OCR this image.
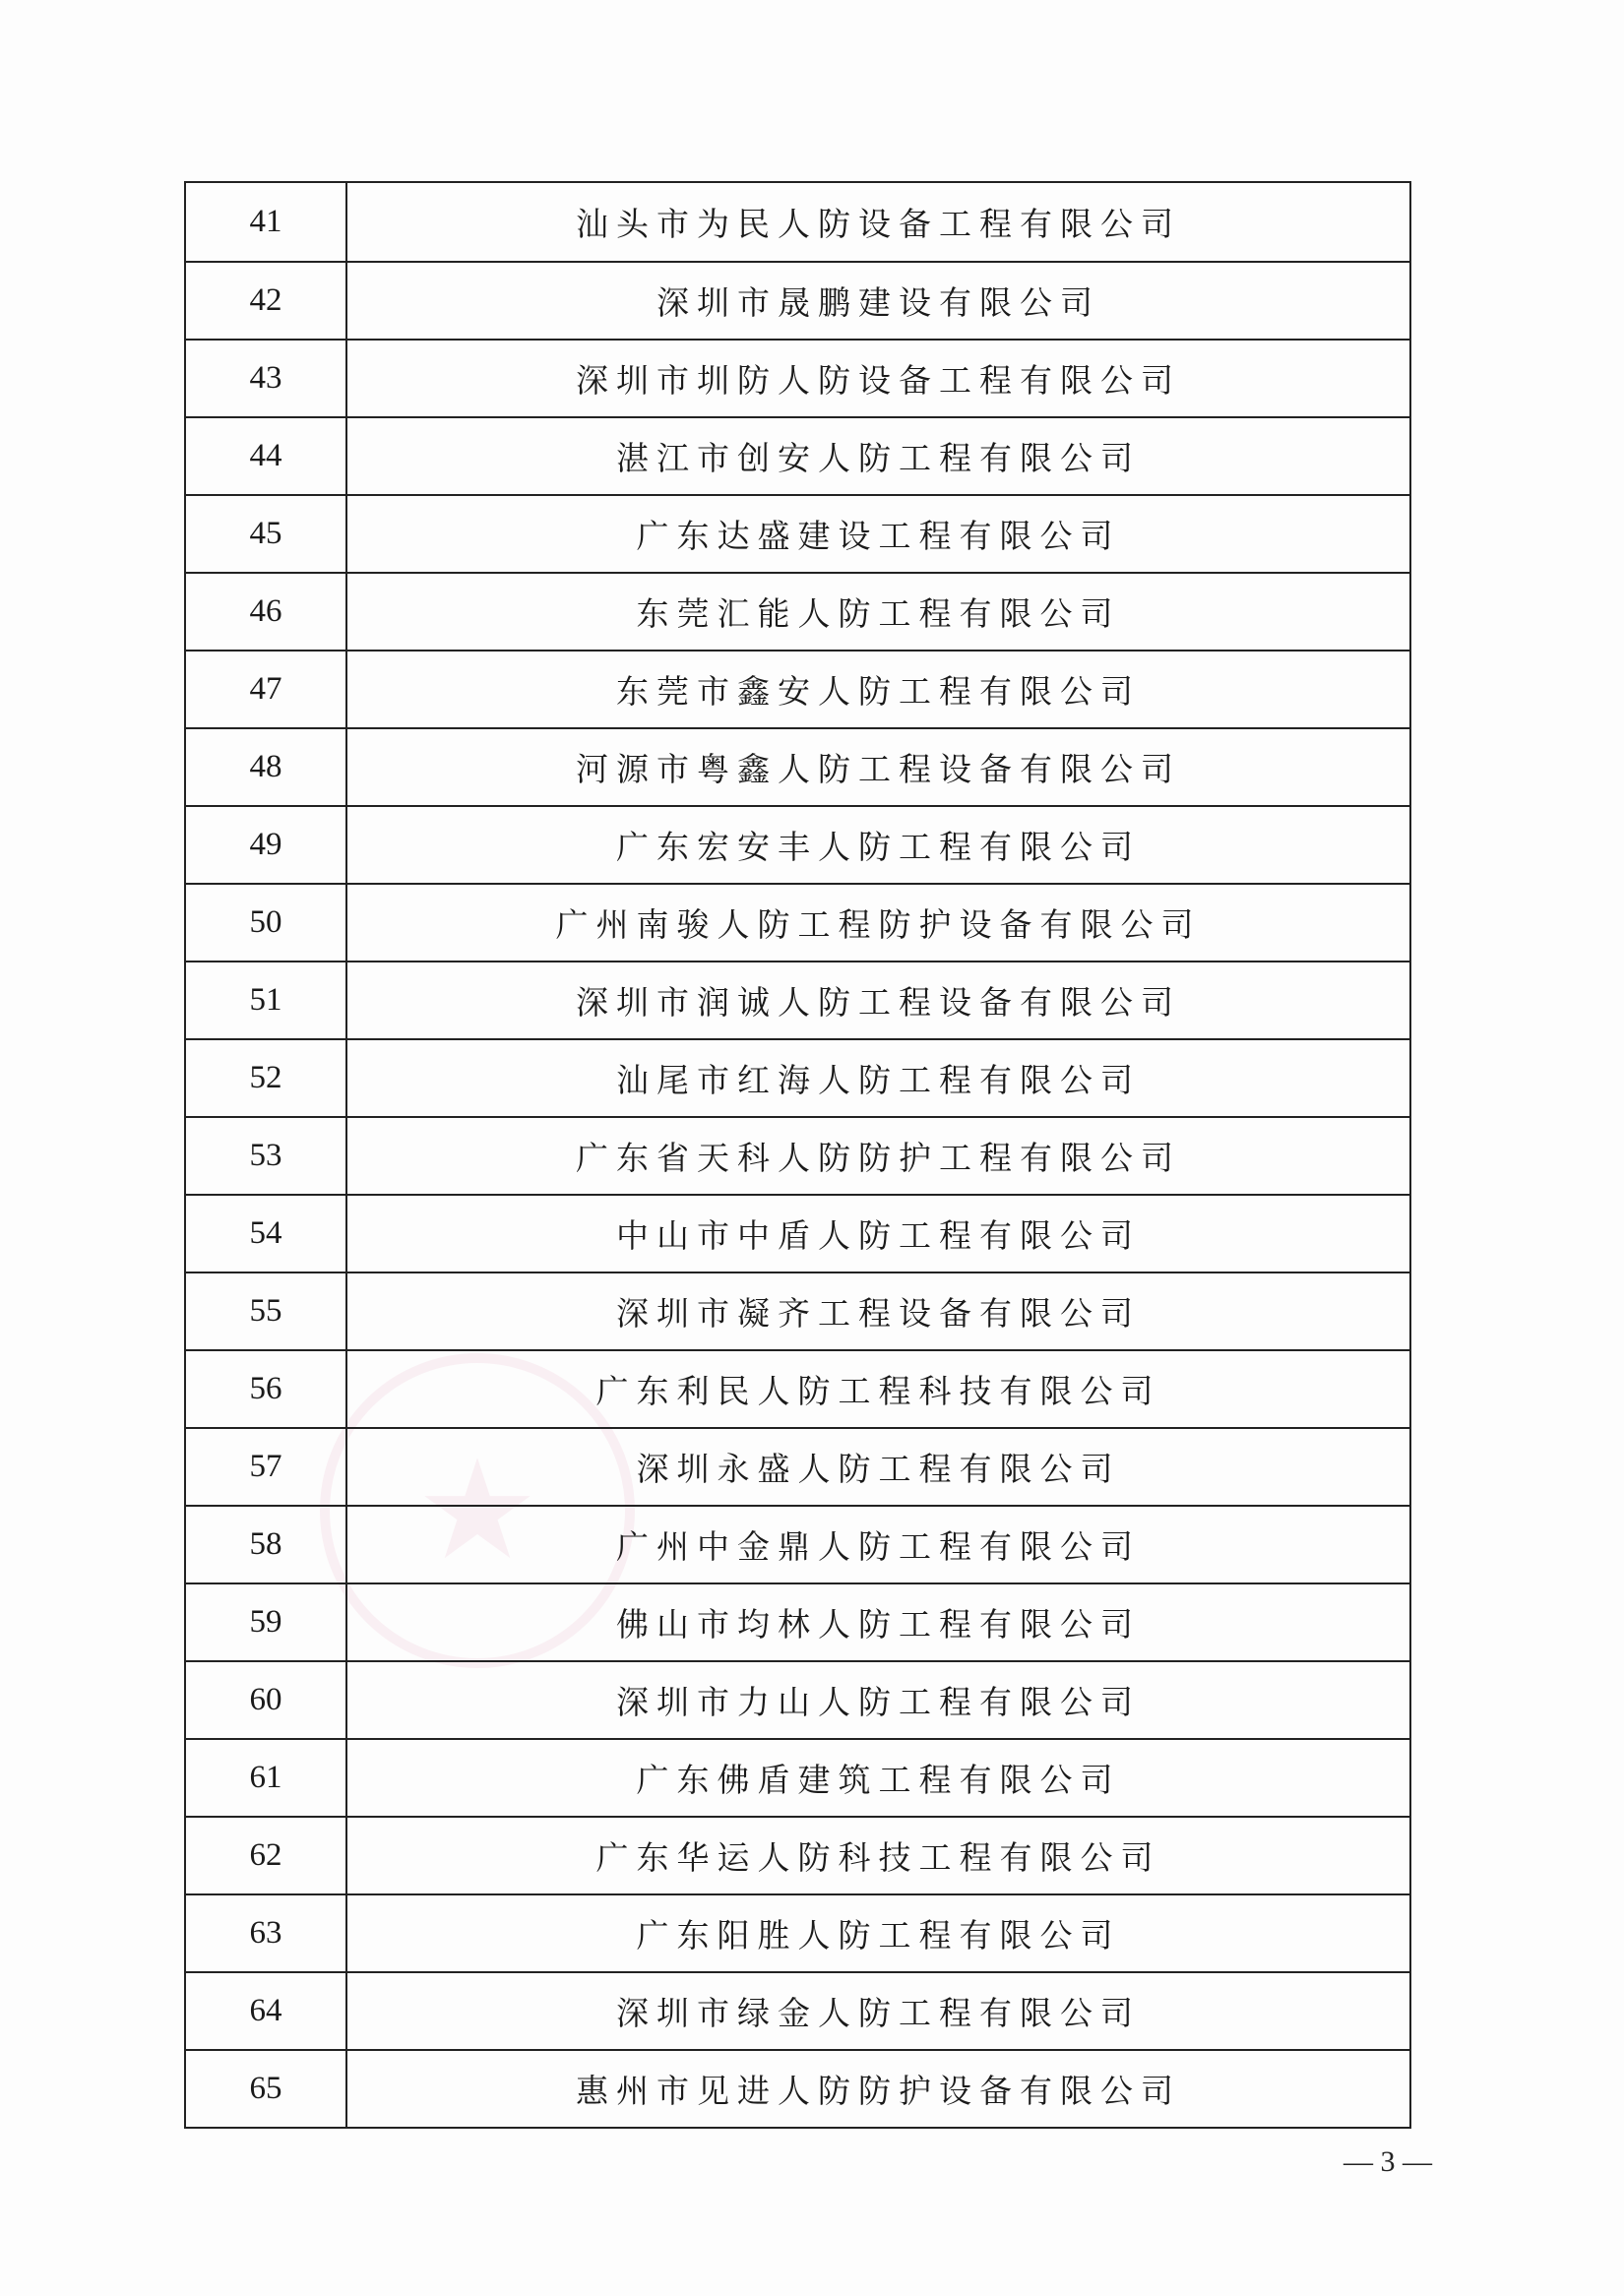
★
41	汕头市为民人防设备工程有限公司
42	深圳市晟鹏建设有限公司
43	深圳市圳防人防设备工程有限公司
44	湛江市创安人防工程有限公司
45	广东达盛建设工程有限公司
46	东莞汇能人防工程有限公司
47	东莞市鑫安人防工程有限公司
48	河源市粤鑫人防工程设备有限公司
49	广东宏安丰人防工程有限公司
50	广州南骏人防工程防护设备有限公司
51	深圳市润诚人防工程设备有限公司
52	汕尾市红海人防工程有限公司
53	广东省天科人防防护工程有限公司
54	中山市中盾人防工程有限公司
55	深圳市凝齐工程设备有限公司
56	广东利民人防工程科技有限公司
57	深圳永盛人防工程有限公司
58	广州中金鼎人防工程有限公司
59	佛山市均林人防工程有限公司
60	深圳市力山人防工程有限公司
61	广东佛盾建筑工程有限公司
62	广东华运人防科技工程有限公司
63	广东阳胜人防工程有限公司
64	深圳市绿金人防工程有限公司
65	惠州市见进人防防护设备有限公司
— 3 —
